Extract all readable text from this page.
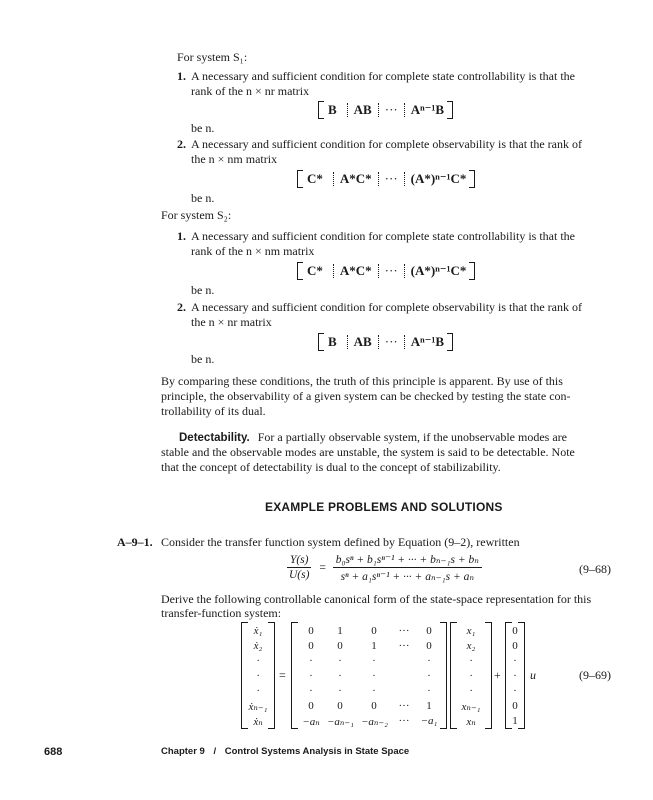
For system S₁:
1. A necessary and sufficient condition for complete state controllability is that the
rank of the n × nr matrix
B AB ··· Aⁿ⁻¹B
be n.
2. A necessary and sufficient condition for complete observability is that the rank of
the n × nm matrix
C* A*C* ··· (A*)ⁿ⁻¹C*
be n.
For system S₂:
1. A necessary and sufficient condition for complete state controllability is that the
rank of the n × nm matrix
C* A*C* ··· (A*)ⁿ⁻¹C*
be n.
2. A necessary and sufficient condition for complete observability is that the rank of
the n × nr matrix
B AB ··· Aⁿ⁻¹B
be n.
By comparing these conditions, the truth of this principle is apparent. By use of this
principle, the observability of a given system can be checked by testing the state con-
trollability of its dual.
Detectability. For a partially observable system, if the unobservable modes are
stable and the observable modes are unstable, the system is said to be detectable. Note
that the concept of detectability is dual to the concept of stabilizability.
EXAMPLE PROBLEMS AND SOLUTIONS
A–9–1. Consider the transfer function system defined by Equation (9–2), rewritten
$\frac{Y(s)}{U(s)} = \frac{\text{b₀sⁿ + b₁sⁿ⁻¹ + ··· + bₙ₋₁s + bₙ}}{\text{sⁿ + a₁sⁿ⁻¹ + ··· + aₙ₋₁s + aₙ}}$	(9–68)
Derive the following controllable canonical form of the state-space representation for this
transfer-function system:
ẋ₁
ẋ₂
·
·
·
ẋₙ₋₁
ẋₙ
=
0	1	0	···	0
0	0	1	···	0
·	·	·	·
·	·	·	·
·	·	·	·
0	0	0	···	1
−aₙ −aₙ₋₁ −aₙ₋₂ ···	−a₁
x₁
x₂
·
·
·
xₙ₋₁
xₙ
+
0
0
·
·
·
0
1
u	(9–69)
688	Chapter 9 / Control Systems Analysis in State Space
